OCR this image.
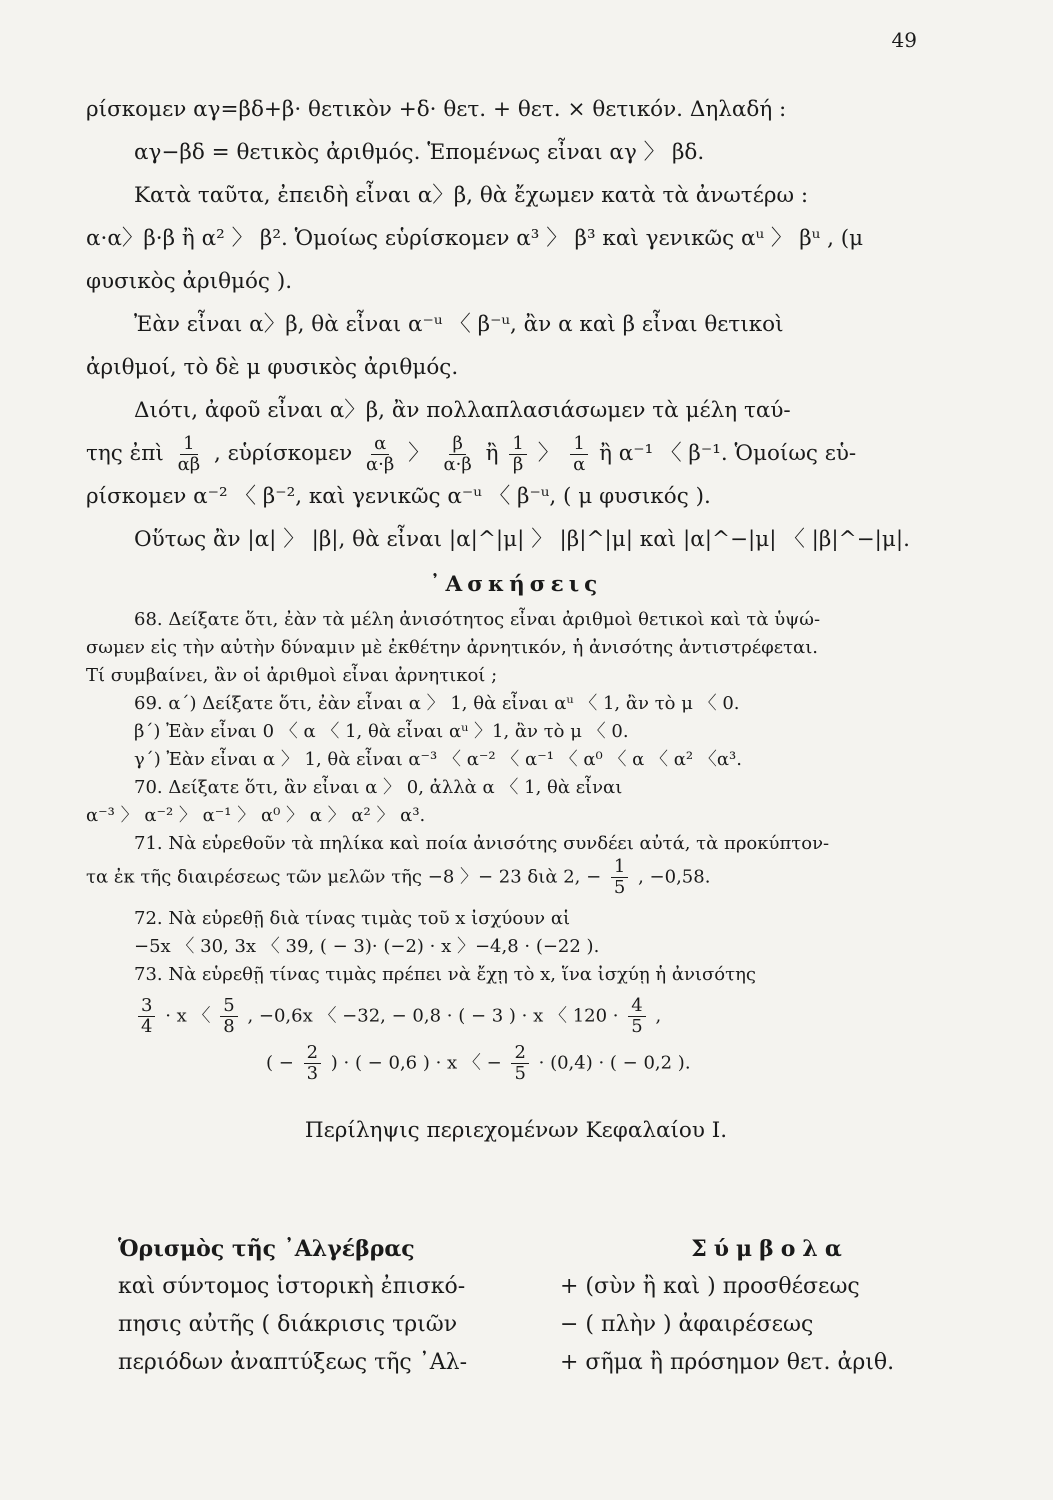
49

ρίσκομεν αγ=βδ+β· θετικὸν +δ· θετ. + θετ. × θετικόν. Δηλαδή :

αγ−βδ = θετικὸς ἀριθμός. Ἑπομένως εἶναι αγ 〉 βδ.

Κατὰ ταῦτα, ἐπειδὴ εἶναι α〉β, θὰ ἔχωμεν κατὰ τὰ ἀνωτέρω :

α·α〉β·β ἢ α² 〉 β². Ὁμοίως εὑρίσκομεν α³ 〉 β³ καὶ γενικῶς αᵘ 〉 βᵘ , (μ

φυσικὸς ἀριθμός ).

Ἐὰν εἶναι α〉β, θὰ εἶναι α⁻ᵘ 〈 β⁻ᵘ, ἂν α καὶ β εἶναι θετικοὶ

ἀριθμοί, τὸ δὲ μ φυσικὸς ἀριθμός.

Διότι, ἀφοῦ εἶναι α〉β, ἂν πολλαπλασιάσωμεν τὰ μέλη ταύ-

της ἐπὶ $\frac{1}{\alpha\beta}$ , εὑρίσκομεν $\frac{\alpha}{\alpha\cdot\beta}$ 〉 $\frac{\beta}{\alpha\cdot\beta}$ ἢ $\frac{1}{\beta}$ 〉 $\frac{1}{\alpha}$ ἢ α⁻¹ 〈 β⁻¹. Ὁμοίως εὑ-

ρίσκομεν α⁻² 〈 β⁻², καὶ γενικῶς α⁻ᵘ 〈 β⁻ᵘ, ( μ φυσικός ).

Οὕτως ἂν |α| 〉 |β|, θὰ εἶναι |α|^|μ| 〉 |β|^|μ| καὶ |α|^−|μ| 〈 |β|^−|μ|.

᾿Ασκήσεις

68. Δείξατε ὅτι, ἐὰν τὰ μέλη ἀνισότητος εἶναι ἀριθμοὶ θετικοὶ καὶ τὰ ὑψώ-

σωμεν εἰς τὴν αὐτὴν δύναμιν μὲ ἐκθέτην ἀρνητικόν, ἡ ἀνισότης ἀντιστρέφεται.

Τί συμβαίνει, ἂν οἱ ἀριθμοὶ εἶναι ἀρνητικοί ;

69. α΄) Δείξατε ὅτι, ἐὰν εἶναι α 〉 1, θὰ εἶναι αᵘ 〈 1, ἂν τὸ μ 〈 0.

β΄) Ἐὰν εἶναι 0 〈 α 〈 1, θὰ εἶναι αᵘ 〉1, ἂν τὸ μ 〈 0.

γ΄) Ἐὰν εἶναι α 〉 1, θὰ εἶναι α⁻³ 〈 α⁻² 〈 α⁻¹ 〈 α⁰ 〈 α 〈 α² 〈α³.

70. Δείξατε ὅτι, ἂν εἶναι α 〉 0, ἀλλὰ α 〈 1, θὰ εἶναι

α⁻³ 〉 α⁻² 〉 α⁻¹ 〉 α⁰ 〉 α 〉 α² 〉 α³.

71. Νὰ εὑρεθοῦν τὰ πηλίκα καὶ ποία ἀνισότης συνδέει αὐτά, τὰ προκύπτον-

τα ἐκ τῆς διαιρέσεως τῶν μελῶν τῆς −8 〉− 23 διὰ 2, − $\frac{1}{5}$ , −0,58.

72. Νὰ εὑρεθῇ διὰ τίνας τιμὰς τοῦ x ἰσχύουν αἱ

−5x 〈 30, 3x 〈 39, ( − 3)· (−2) · x 〉−4,8 · (−22 ).

73. Νὰ εὑρεθῇ τίνας τιμὰς πρέπει νὰ ἔχῃ τὸ x, ἵνα ἰσχύῃ ἡ ἀνισότης

$\frac{3}{4} \cdot x$ 〈 $\frac{5}{8}$ , −0,6x 〈 −32, − 0,8 · ( − 3 ) · x 〈 $120 \cdot \frac{4}{5}$ ,

( − $\frac{2}{3}$ ) · ( − 0,6 ) · x 〈 − $\frac{2}{5} \cdot (0,4)$ · ( − 0,2 ).

Περίληψις περιεχομένων Κεφαλαίου Ι.

Ὁρισμὸς τῆς ᾿Αλγέβρας

καὶ σύντομος ἱστορικὴ ἐπισκό-

πησις αὐτῆς ( διάκρισις τριῶν

περιόδων ἀναπτύξεως τῆς ᾿Αλ-

Σύμβολα

+ (σὺν ἢ καὶ ) προσθέσεως

− ( πλὴν ) ἀφαιρέσεως

+ σῆμα ἢ πρόσημον θετ. ἀριθ.
